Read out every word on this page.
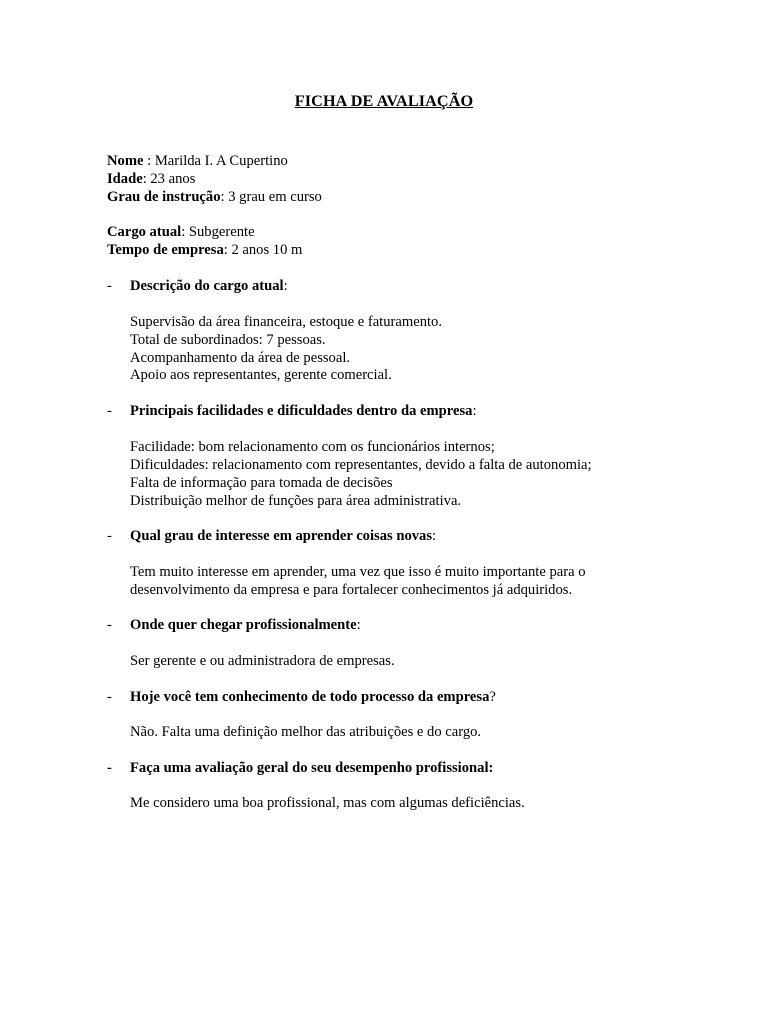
FICHA DE AVALIAÇÃO
Nome : Marilda I. A Cupertino
Idade: 23 anos
Grau de instrução: 3 grau em curso
Cargo atual: Subgerente
Tempo de empresa: 2 anos 10 m
- Descrição do cargo atual:
Supervisão da área financeira, estoque e faturamento.
Total de subordinados: 7 pessoas.
Acompanhamento da área de pessoal.
Apoio aos representantes, gerente comercial.
- Principais facilidades e dificuldades dentro da empresa:
Facilidade: bom relacionamento com os funcionários internos;
Dificuldades: relacionamento com representantes, devido a falta de autonomia;
Falta de informação para tomada de decisões
Distribuição melhor de funções para área administrativa.
- Qual grau de interesse em aprender coisas novas:
Tem muito interesse em aprender, uma vez que isso é muito importante para o
desenvolvimento da empresa e para fortalecer conhecimentos já adquiridos.
- Onde quer chegar profissionalmente:
Ser gerente e ou administradora de empresas.
- Hoje você tem conhecimento de todo processo da empresa?
Não. Falta uma definição melhor das atribuições e do cargo.
- Faça uma avaliação geral do seu desempenho profissional:
Me considero uma boa profissional, mas com algumas deficiências.
